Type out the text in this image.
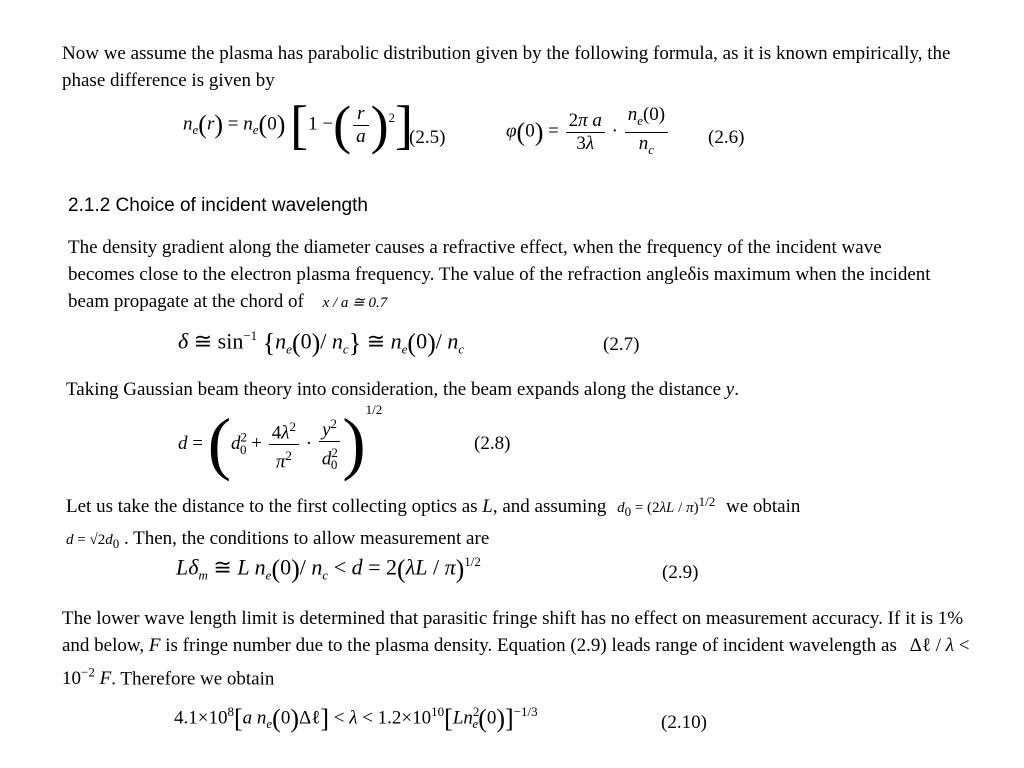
Now we assume the plasma has parabolic distribution given by the following formula, as it is known empirically, the phase difference is given by
$n_e(r) = n_e(0)$ [1 −( $\frac{r}{a} )^2$]
(2.5)	$\varphi(0) = \frac{\text{2π a}}{3\lambda} \cdot \frac{n_e(0)}{n_c} (2.6)$
2.1.2 Choice of incident wavelength
The density gradient along the diameter causes a refractive effect, when the frequency of the incident wave becomes close to the electron plasma frequency. The value of the refraction angleδis maximum when the incident beam propagate at the chord of x / a ≅ 0.7
δ ≅ $\sin^{-1} \{n_e(0)/$ $n_c$} ≅ $n_e(0)/$ $n_c$	(2.7)
Taking Gaussian beam theory into consideration, the beam expands along the distance y.
$d = (d^2_0 + \frac{4\lambda^2}{\pi^2} \cdot \frac{y^2}{d^2_0} )^{1/2}$
(2.8)
Let us take the distance to the first collecting optics as L, and assuming d0 = (2λL / π)1/2 we obtain
d = √2d0 . Then, the conditions to allow measurement are
$L\delta_m$ ≅ L $n_e(0)/$ $n_c < d = 2(\lambda L / \pi)^{1/2}$
(2.9)
The lower wave length limit is determined that parasitic fringe shift has no effect on measurement accuracy. If it is 1% and below, F is fringe number due to the plasma density. Equation (2.9) leads range of incident wavelength as Δℓ / $\lambda < 10^{-2}$ F. Therefore we obtain
$4.1\times 10^8[a$ $n_e(0)\Delta\ell] < \lambda < 1.2\times 10^{10}[Ln^2_e(0)]^{-1/3}$
(2.10)
